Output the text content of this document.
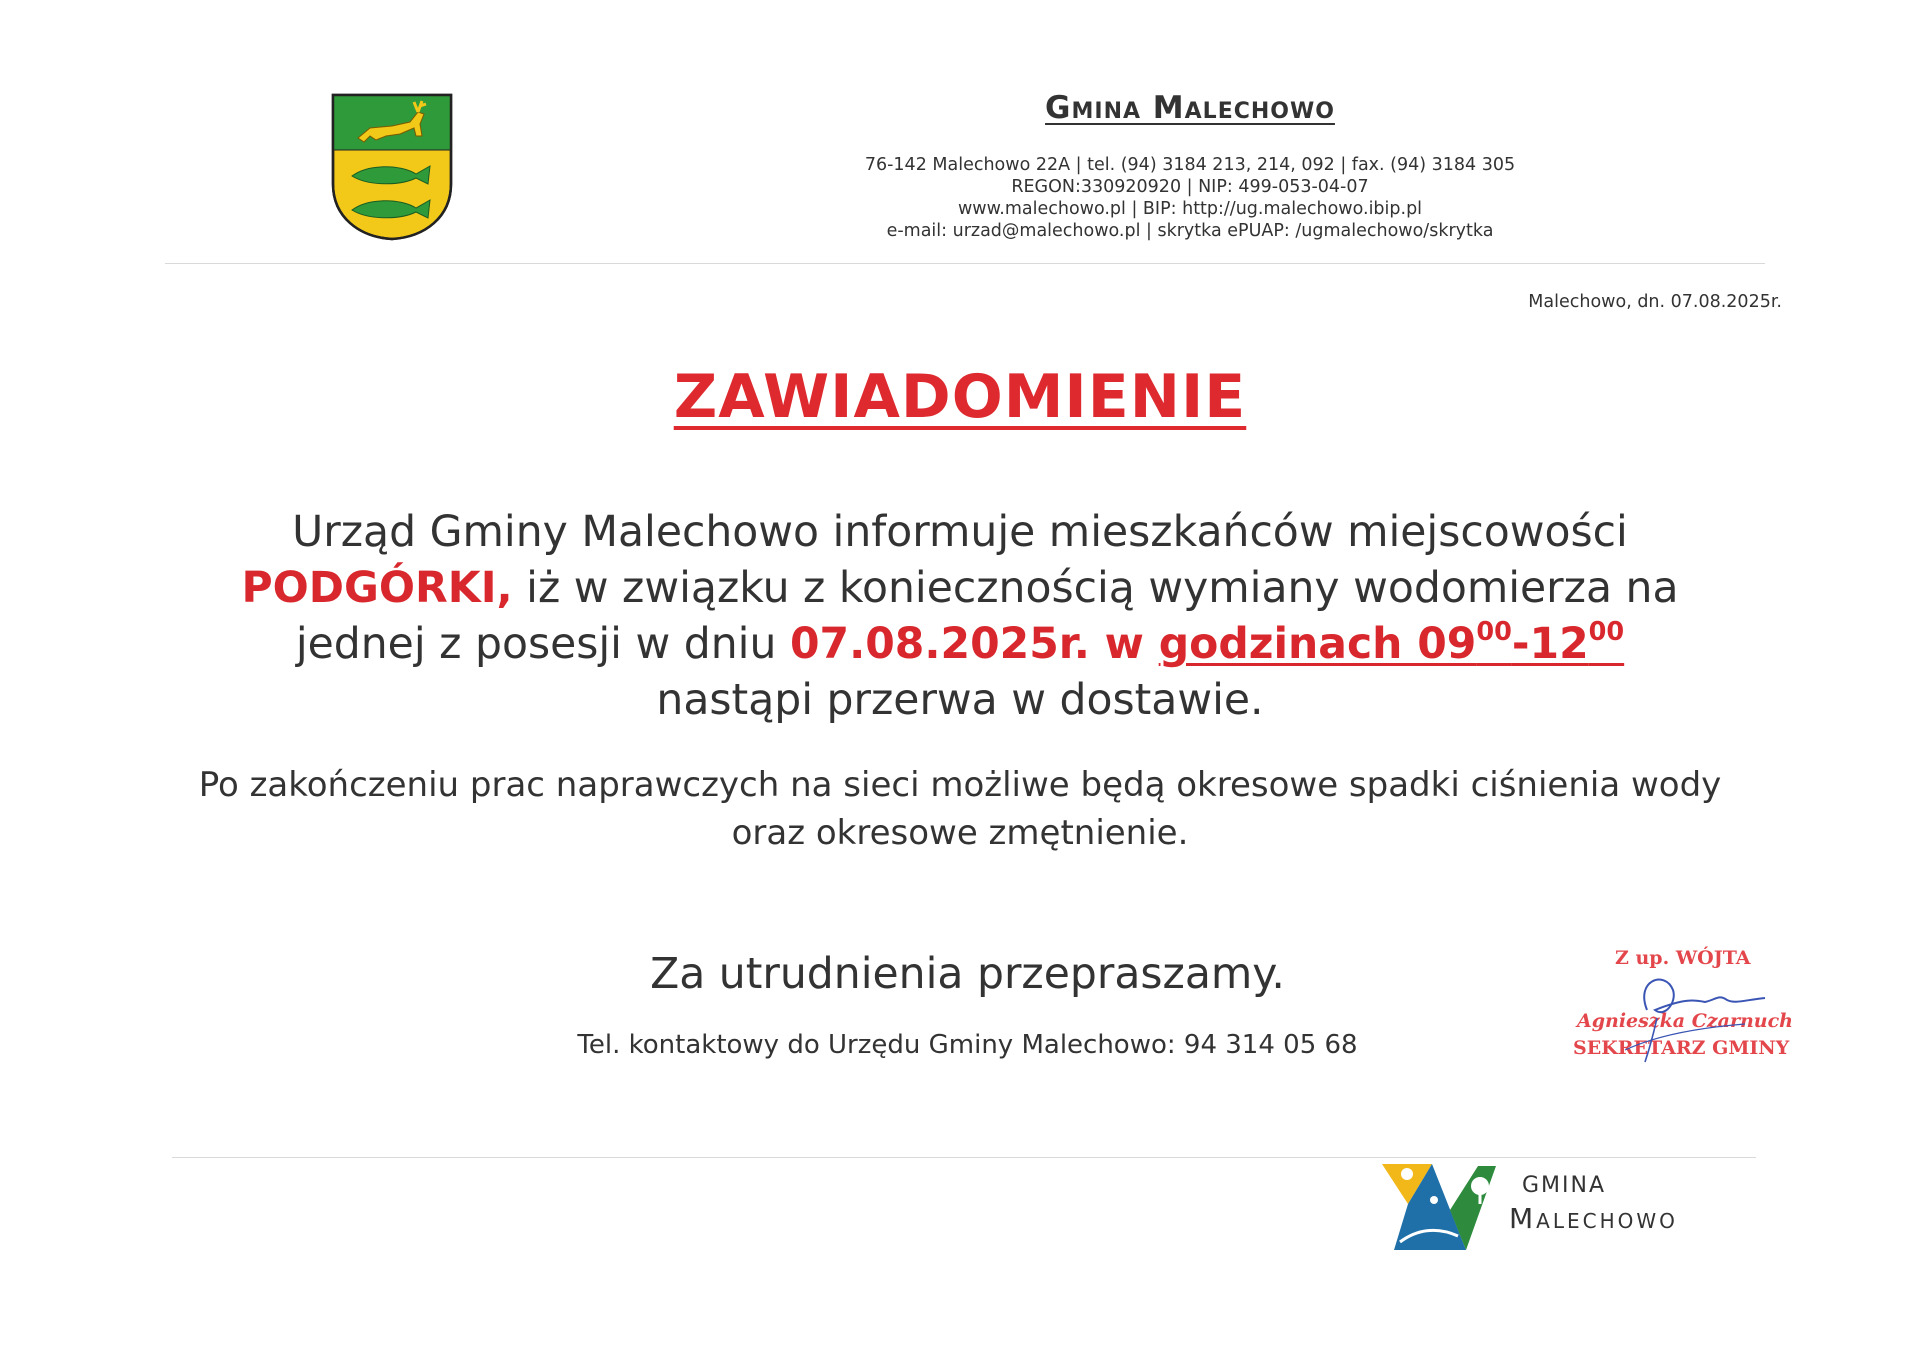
Gmina Malechowo
76-142 Malechowo 22A | tel. (94) 3184 213, 214, 092 | fax. (94) 3184 305
REGON:330920920 | NIP: 499-053-04-07
www.malechowo.pl | BIP: http://ug.malechowo.ibip.pl
e-mail: urzad@malechowo.pl | skrytka ePUAP: /ugmalechowo/skrytka
Malechowo, dn. 07.08.2025r.
ZAWIADOMIENIE
Urząd Gminy Malechowo informuje mieszkańców miejscowości
PODGÓRKI, iż w związku z koniecznością wymiany wodomierza na jednej z posesji w dniu 07.08.2025r. w godzinach $09^{00}-12^{00}$
nastąpi przerwa w dostawie.
Po zakończeniu prac naprawczych na sieci możliwe będą okresowe spadki ciśnienia wody oraz okresowe zmętnienie.
Za utrudnienia przepraszamy.
Tel. kontaktowy do Urzędu Gminy Malechowo: 94 314 05 68
Z up. WÓJTA
Agnieszka Czarnuch
SEKRETARZ GMINY
GMINA
Malechowo
